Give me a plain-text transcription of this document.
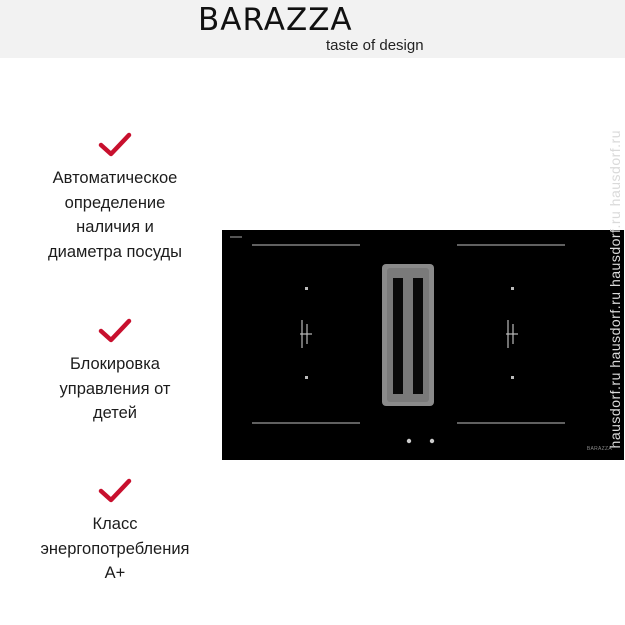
BARAZZA
taste of design
Автоматическое
определение
наличия и
диаметра посуды
Блокировка
управления от
детей
Класс
энергопотребления
A+
BARAZZA
hausdorf.ru hausdorf.ru hausdorf.ru hausdorf.ru
